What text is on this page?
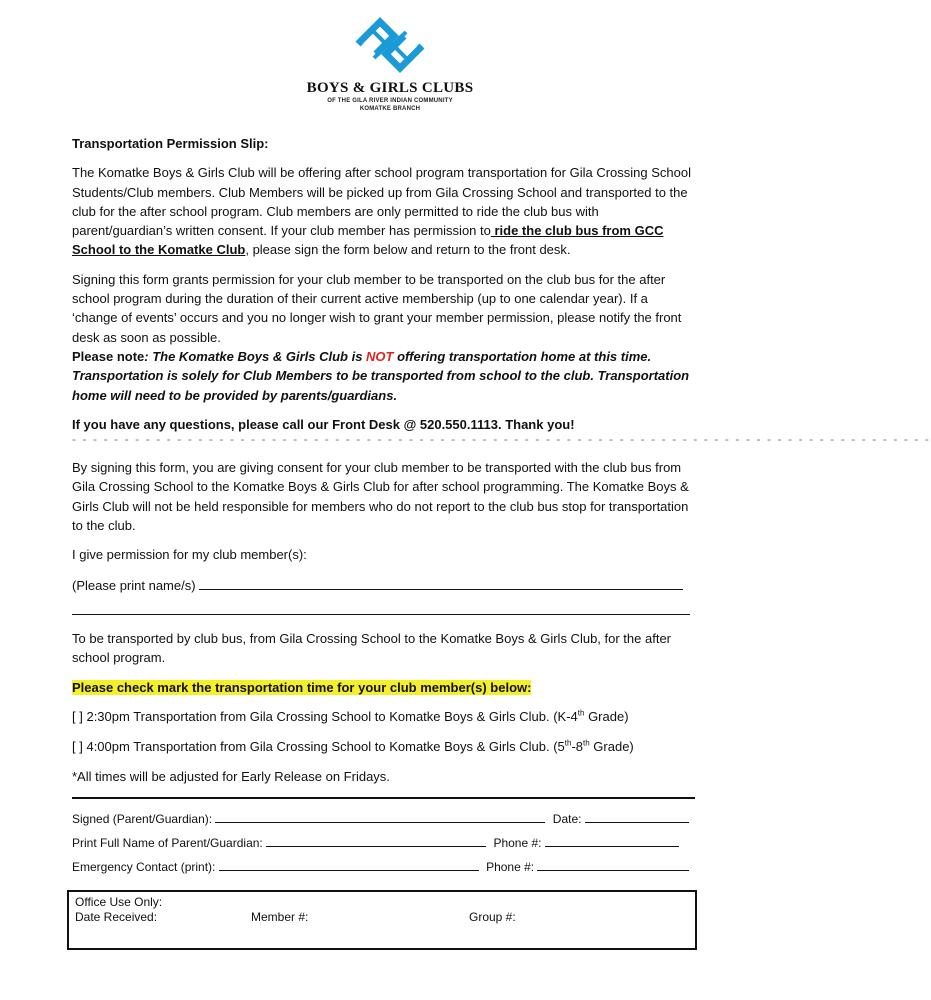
BOYS & GIRLS CLUBS
OF THE GILA RIVER INDIAN COMMUNITY
KOMATKE BRANCH

Transportation Permission Slip:

The Komatke Boys & Girls Club will be offering after school program transportation for Gila Crossing School Students/Club members. Club Members will be picked up from Gila Crossing School and transported to the club for the after school program. Club members are only permitted to ride the club bus with parent/guardian’s written consent. If your club member has permission to ride the club bus from GCC School to the Komatke Club, please sign the form below and return to the front desk.

Signing this form grants permission for your club member to be transported on the club bus for the after school program during the duration of their current active membership (up to one calendar year). If a ‘change of events’ occurs and you no longer wish to grant your member permission, please notify the front desk as soon as possible.

Please note: The Komatke Boys & Girls Club is NOT offering transportation home at this time. Transportation is solely for Club Members to be transported from school to the club. Transportation home will need to be provided by parents/guardians.

If you have any questions, please call our Front Desk @ 520.550.1113. Thank you!

- - - - - - - - - - - - - - - - - - - - - - - - - - - - - - - - - - - - - - - - - - - - - - - - - - - - - - - - - - - - - - - - - - - - - - - - - - - - - - - - - -

By signing this form, you are giving consent for your club member to be transported with the club bus from Gila Crossing School to the Komatke Boys & Girls Club for after school programming. The Komatke Boys & Girls Club will not be held responsible for members who do not report to the club bus stop for transportation to the club.

I give permission for my club member(s):

(Please print name/s)

To be transported by club bus, from Gila Crossing School to the Komatke Boys & Girls Club, for the after school program.

Please check mark the transportation time for your club member(s) below:

[ ] 2:30pm Transportation from Gila Crossing School to Komatke Boys & Girls Club. (K-4th Grade)

[ ] 4:00pm Transportation from Gila Crossing School to Komatke Boys & Girls Club. (5th-8th Grade)

*All times will be adjusted for Early Release on Fridays.

Signed (Parent/Guardian):	Date:
Print Full Name of Parent/Guardian:	Phone #:
Emergency Contact (print):	Phone #:
Office Use Only:
Date Received:	Member #:	Group #:
